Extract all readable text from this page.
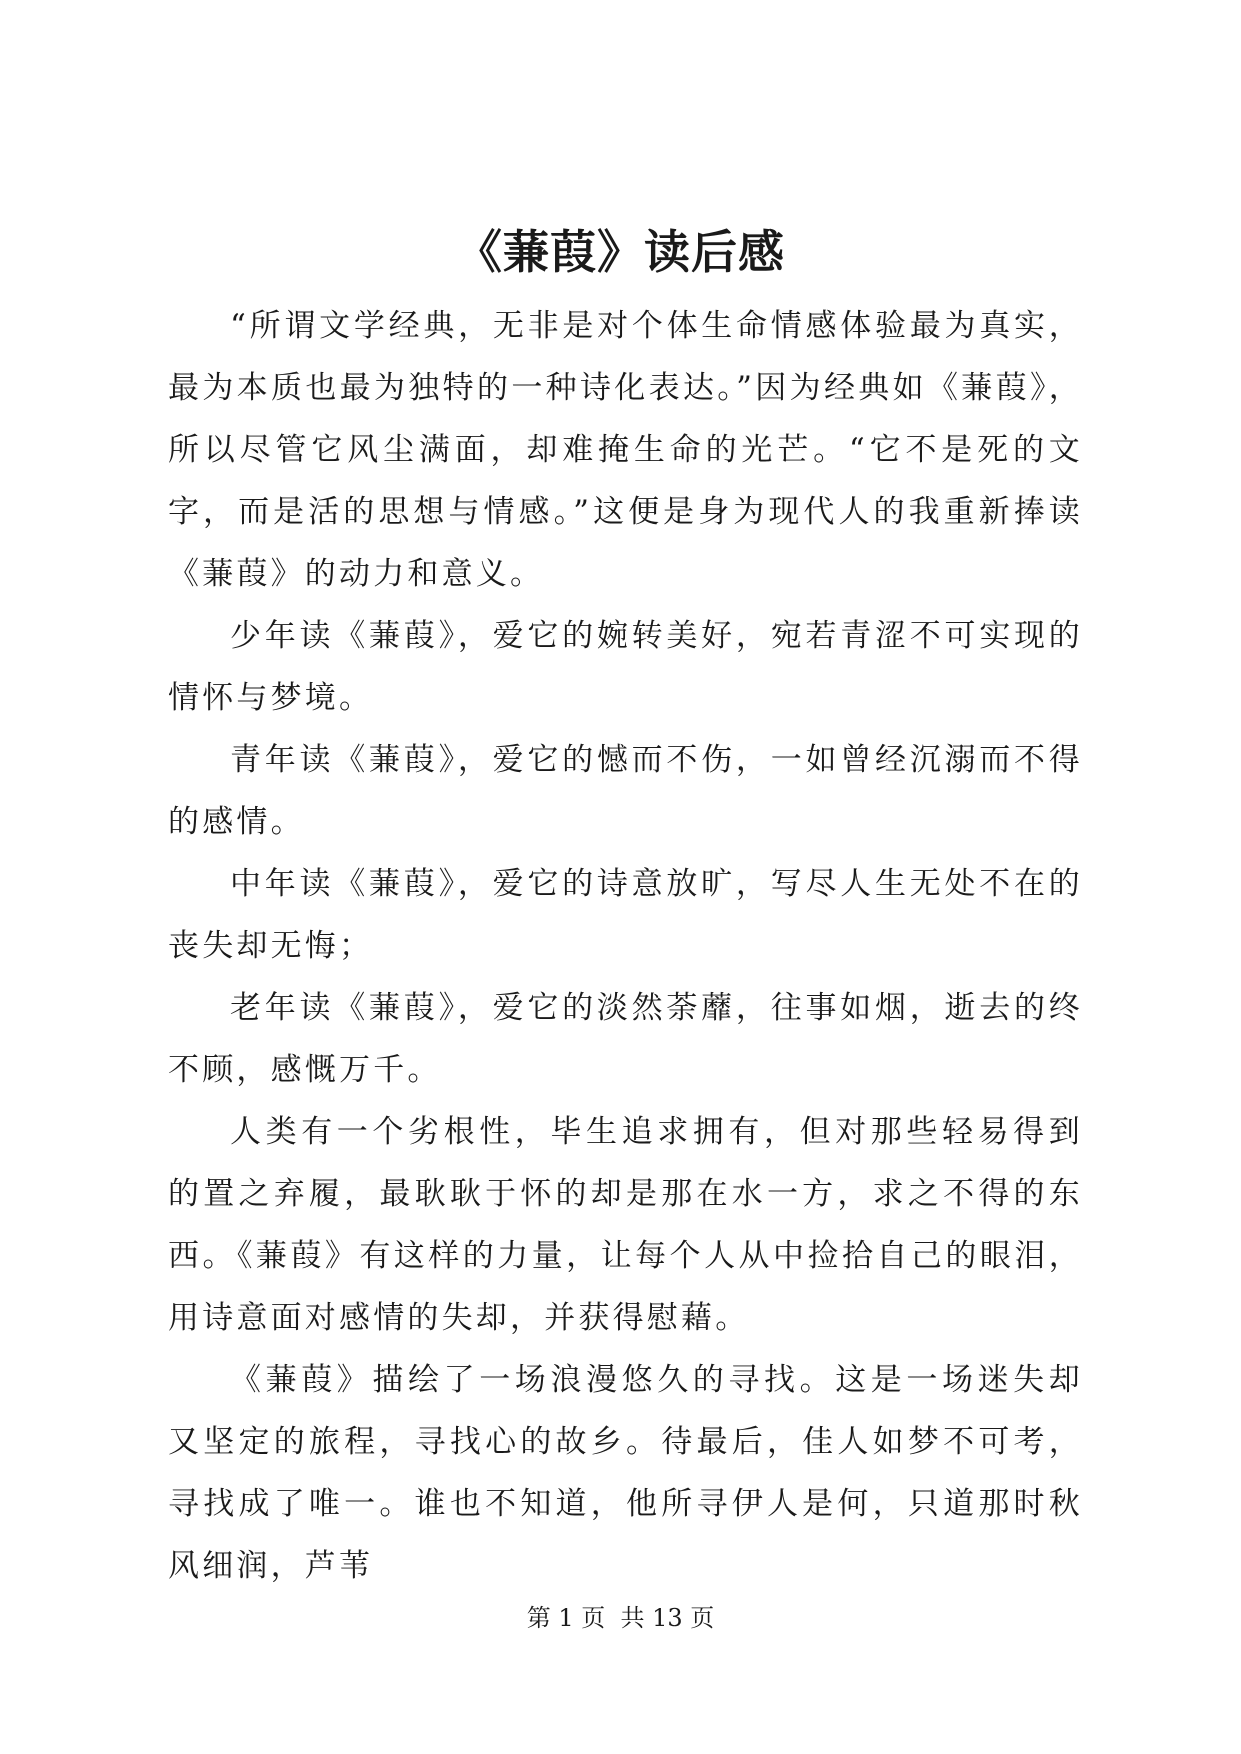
《蒹葭》读后感

“所谓文学经典，无非是对个体生命情感体验最为真实，最为本质也最为独特的一种诗化表达。”因为经典如《蒹葭》，所以尽管它风尘满面，却难掩生命的光芒。“它不是死的文字，而是活的思想与情感。”这便是身为现代人的我重新捧读《蒹葭》的动力和意义。

少年读《蒹葭》，爱它的婉转美好，宛若青涩不可实现的情怀与梦境。

青年读《蒹葭》，爱它的憾而不伤，一如曾经沉溺而不得的感情。

中年读《蒹葭》，爱它的诗意放旷，写尽人生无处不在的丧失却无悔；

老年读《蒹葭》，爱它的淡然荼蘼，往事如烟，逝去的终不顾，感慨万千。

人类有一个劣根性，毕生追求拥有，但对那些轻易得到的置之弃履，最耿耿于怀的却是那在水一方，求之不得的东西。《蒹葭》有这样的力量，让每个人从中捡拾自己的眼泪，用诗意面对感情的失却，并获得慰藉。

《蒹葭》描绘了一场浪漫悠久的寻找。这是一场迷失却又坚定的旅程，寻找心的故乡。待最后，佳人如梦不可考，寻找成了唯一。谁也不知道，他所寻伊人是何，只道那时秋风细润，芦苇

第 1 页  共 13 页
